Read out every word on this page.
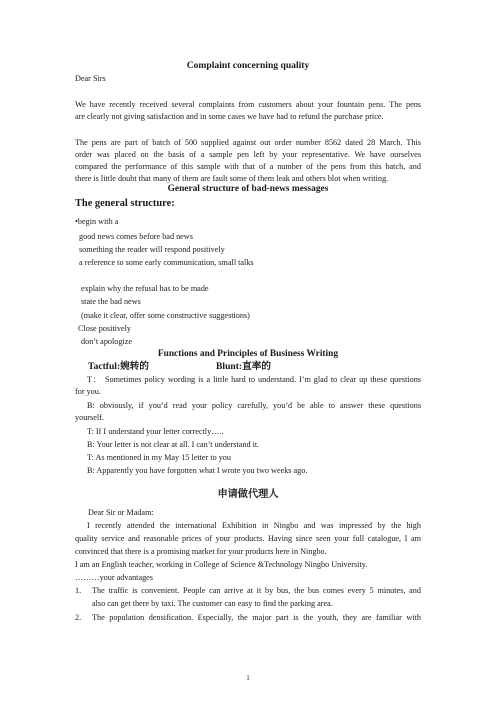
Complaint concerning quality
Dear Sirs
We have recently received several complaints from customers about your fountain pens. The pens
are clearly not giving satisfaction and in some cases we have had to refund the purchase price.
The pens are part of batch of 500 supplied against out order number 8562 dated 28 March. This
order was placed on the basis of a sample pen left by your representative. We have ourselves
compared the performance of this sample with that of a number of the pens from this batch, and
there is little doubt that many of them are fault some of them leak and others blot when writing.
General structure of bad-news messages
The general structure:
•begin with a
good news comes before bad news
something the reader will respond positively
a reference to some early communication, small talks
explain why the refusal has to be made
state the bad news
(make it clear, offer some constructive suggestions)
Close positively
don’t apologize
Functions and Principles of Business Writing
Tactful:婉转的	Blunt:直率的
T： Sometimes policy wording is a little hard to understand. I’m glad to clear up these questions
for you.
B: obviously, if you’d read your policy carefully, you’d be able to answer these questions
yourself.
T: If I understand your letter correctly…..
B: Your letter is not clear at all. I can’t understand it.
T: As mentioned in my May 15 letter to you
B: Apparently you have forgotten what I wrote you two weeks ago.
申请做代理人
Dear Sir or Madam:
I recently attended the international Exhibition in Ningbo and was impressed by the high
quality service and reasonable prices of your products. Having since seen your full catalogue, I am
convinced that there is a promising market for your products here in Ningbo.
I am an English teacher, working in College of Science &Technology Ningbo University.
………your advantages
1. The traffic is convenient. People can arrive at it by bus, the bus comes every 5 minutes, and
also can get there by taxi. The customer can easy to find the parking area.
2. The population densification. Especially, the major part is the youth, they are familiar with
1
